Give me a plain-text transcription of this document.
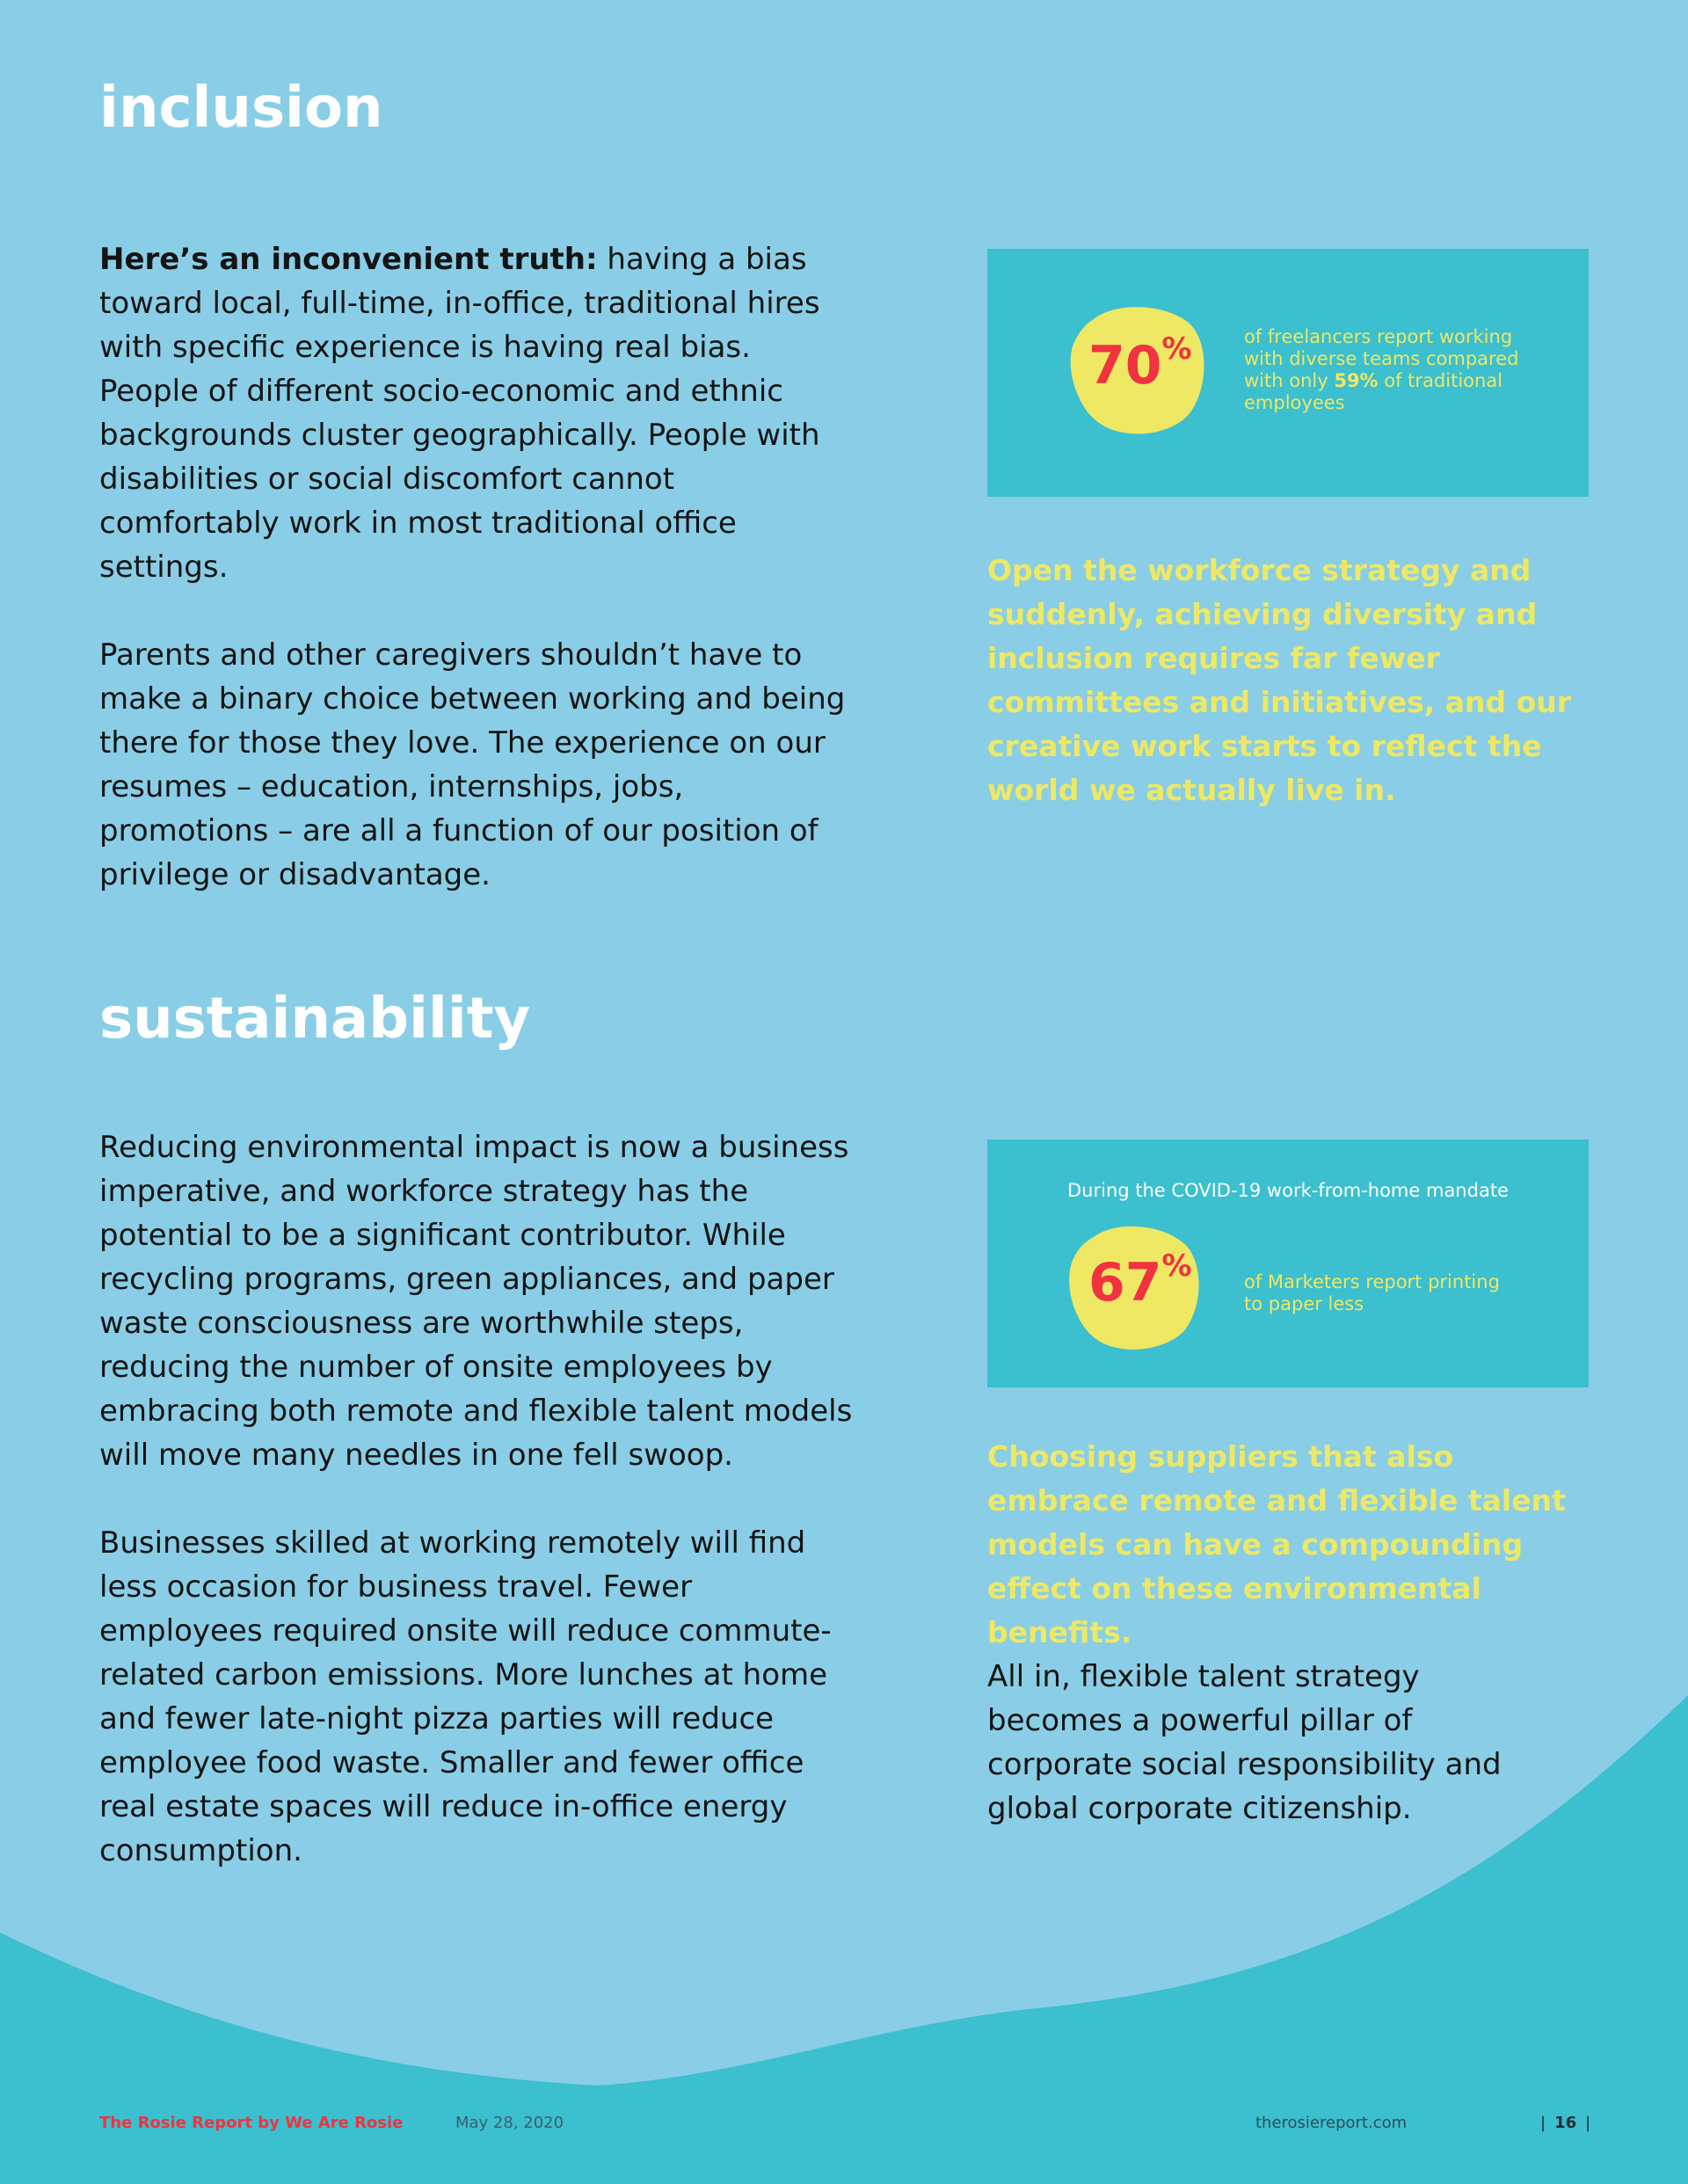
inclusion

Here’s an inconvenient truth: having a bias toward local, full-time, in-office, traditional hires with specific experience is having real bias. People of different socio-economic and ethnic backgrounds cluster geographically. People with disabilities or social discomfort cannot comfortably work in most traditional office settings.

Parents and other caregivers shouldn’t have to make a binary choice between working and being there for those they love. The experience on our resumes – education, internships, jobs, promotions – are all a function of our position of privilege or disadvantage.

70%	of freelancers report working with diverse teams compared with only 59% of traditional employees
Open the workforce strategy and suddenly, achieving diversity and inclusion requires far fewer committees and initiatives, and our creative work starts to reflect the world we actually live in.
sustainability

Reducing environmental impact is now a business imperative, and workforce strategy has the potential to be a significant contributor. While recycling programs, green appliances, and paper waste consciousness are worthwhile steps, reducing the number of onsite employees by embracing both remote and flexible talent models will move many needles in one fell swoop.

Businesses skilled at working remotely will find less occasion for business travel. Fewer employees required onsite will reduce commute-related carbon emissions. More lunches at home and fewer late-night pizza parties will reduce employee food waste. Smaller and fewer office real estate spaces will reduce in-office energy consumption.

During the COVID-19 work-from-home mandate
67%	of Marketers report printing to paper less
Choosing suppliers that also embrace remote and flexible talent models can have a compounding effect on these environmental benefits.
All in, flexible talent strategy becomes a powerful pillar of corporate social responsibility and global corporate citizenship.
The Rosie Report by We Are Rosie	May 28, 2020	therosiereport.com	| 16 |
